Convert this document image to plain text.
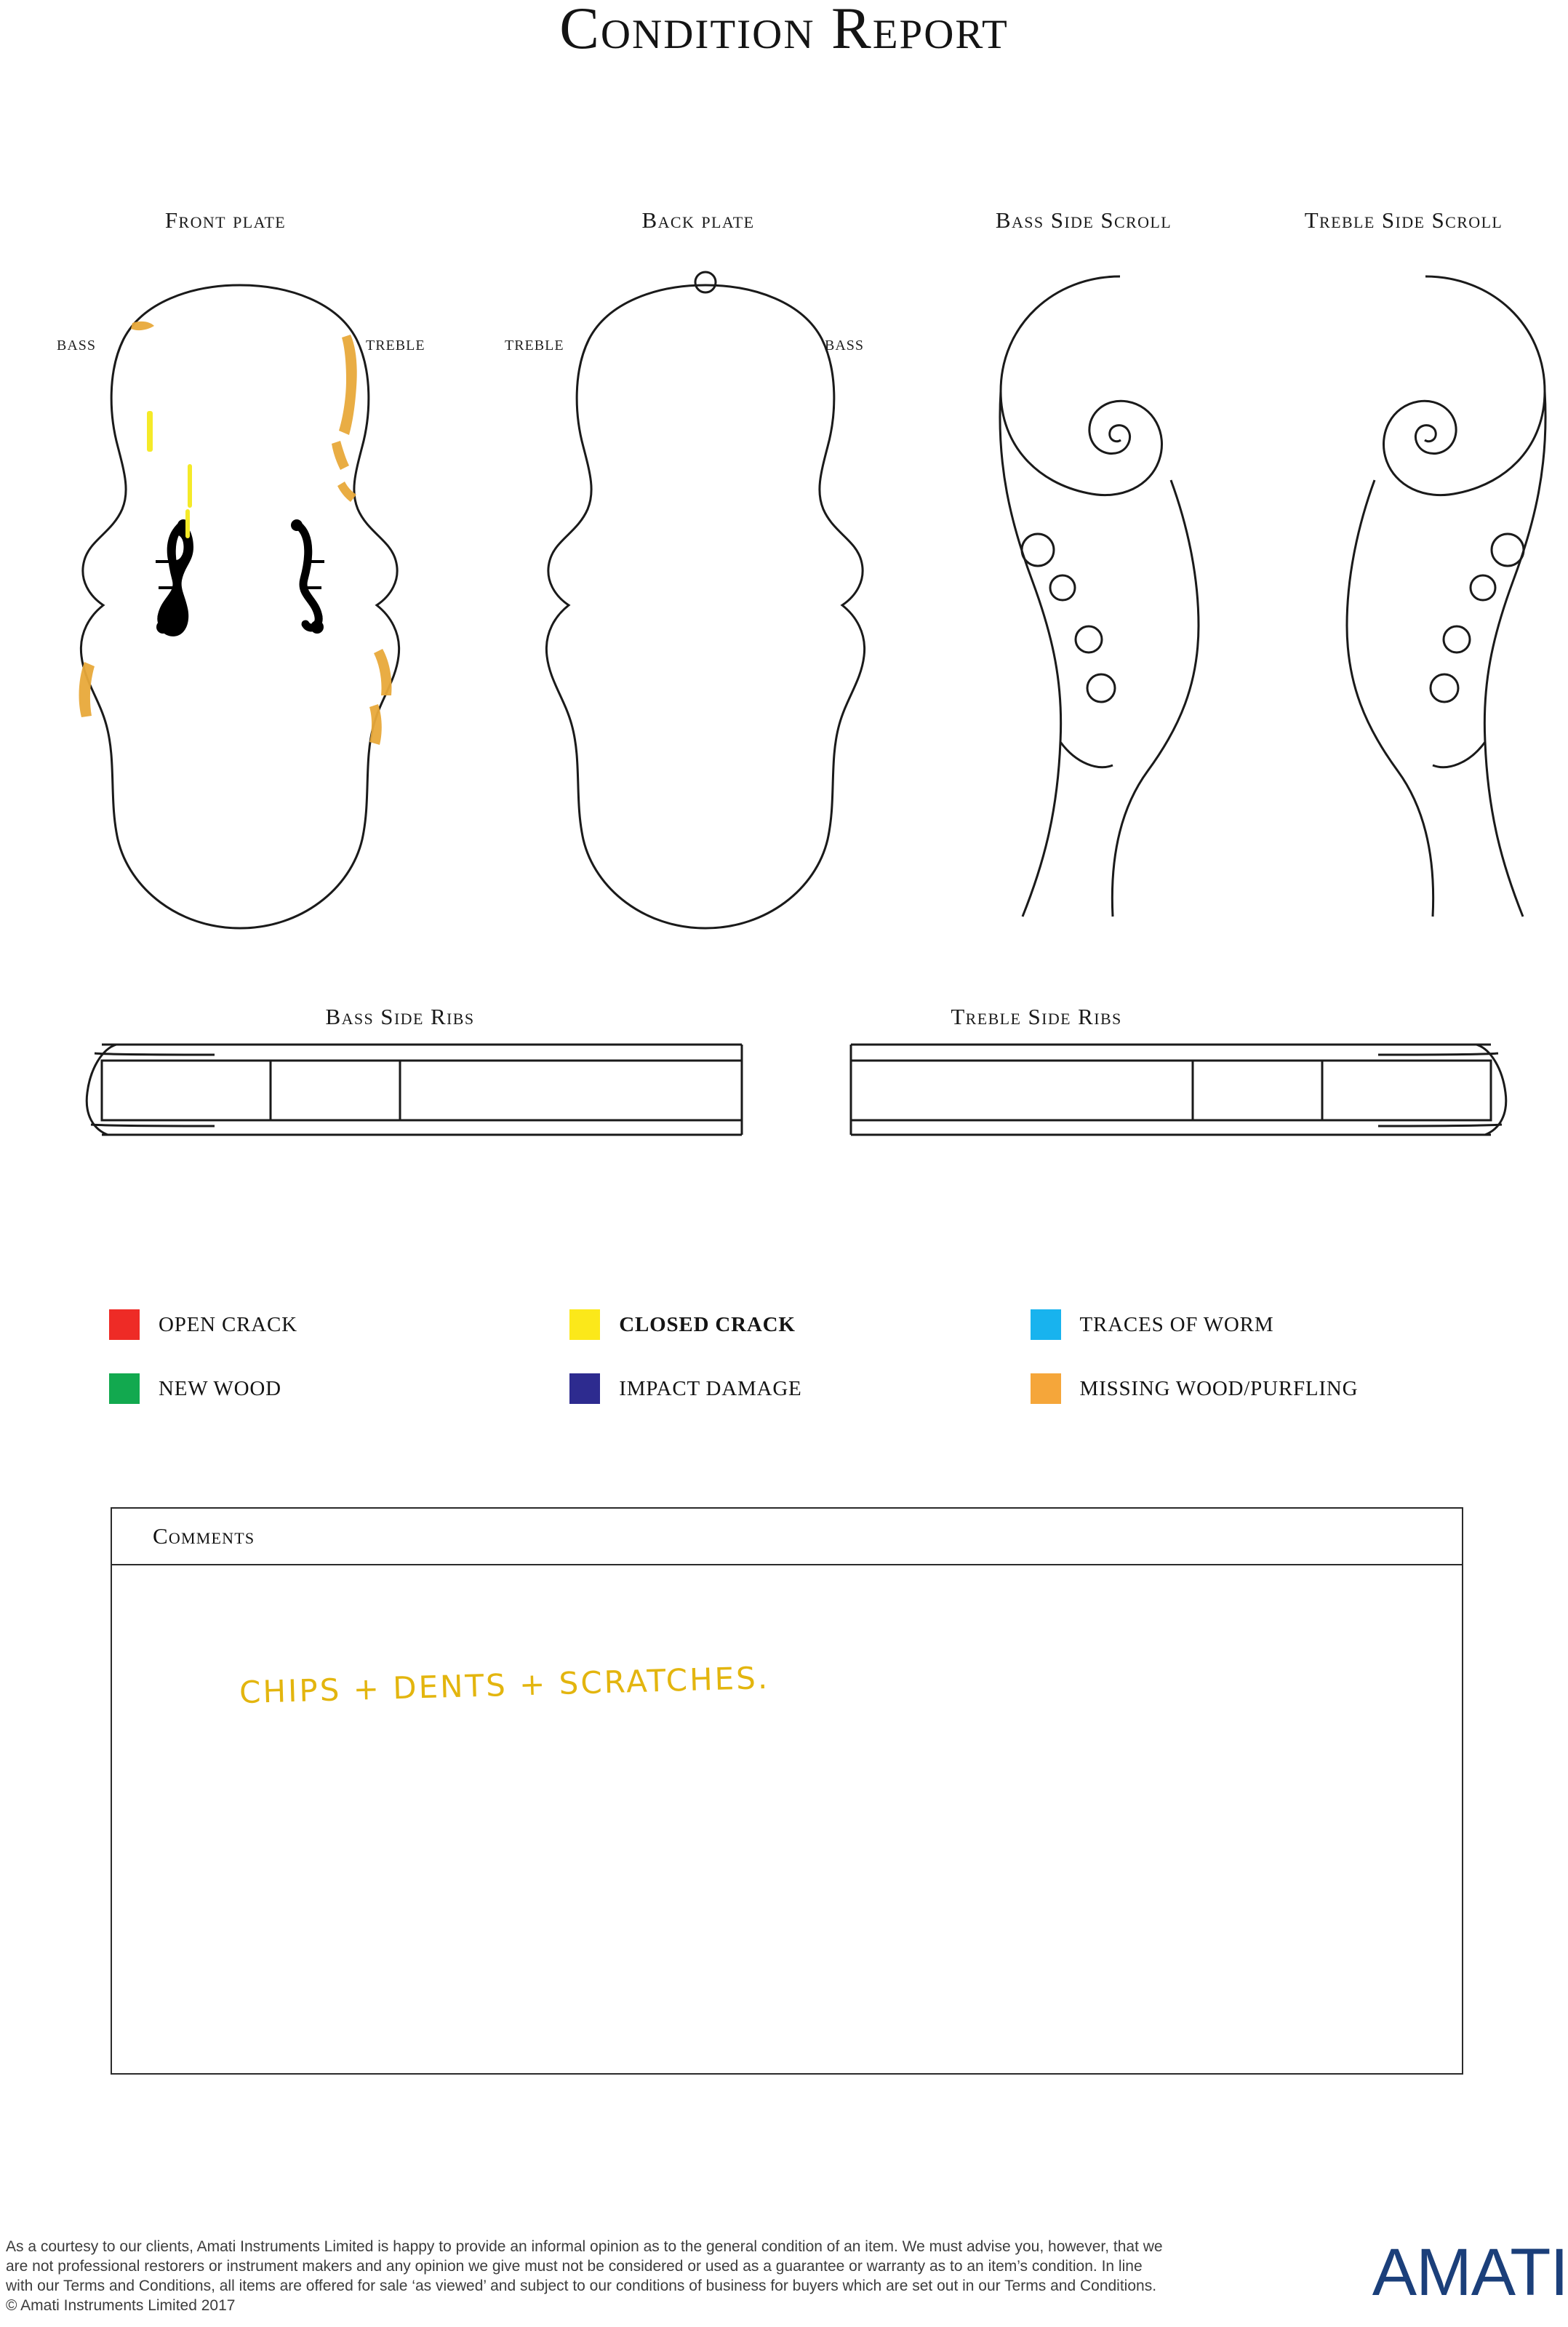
Condition Report
Front plate	Back plate	Bass Side Scroll	Treble Side Scroll
BASS	TREBLE	TREBLE	BASS
Bass Side Ribs	Treble Side Ribs
OPEN CRACK	CLOSED CRACK	TRACES OF WORM
NEW WOOD	IMPACT DAMAGE	MISSING WOOD/PURFLING
Comments
CHIPS + DENTS + SCRATCHES.

As a courtesy to our clients, Amati Instruments Limited is happy to provide an informal opinion as to the general condition of an item. We must advise you, however, that we are not professional restorers or instrument makers and any opinion we give must not be considered or used as a guarantee or warranty as to an item’s condition. In line with our Terms and Conditions, all items are offered for sale ‘as viewed’ and subject to our conditions of business for buyers which are set out in our Terms and Conditions. © Amati Instruments Limited 2017	AMATI
